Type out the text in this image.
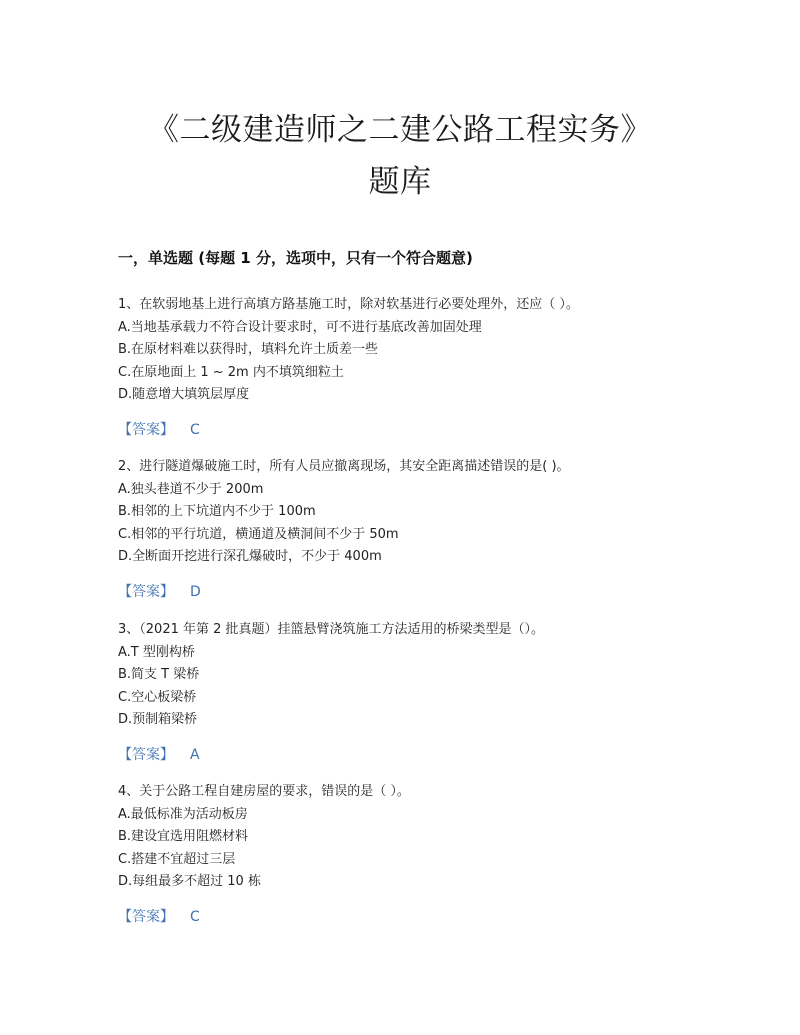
《二级建造师之二建公路工程实务》
题库
一，单选题 (每题 1 分，选项中，只有一个符合题意)
1、在软弱地基上进行高填方路基施工时，除对软基进行必要处理外，还应（ ）。
A.当地基承载力不符合设计要求时，可不进行基底改善加固处理
B.在原材料难以获得时，填料允许土质差一些
C.在原地面上 1 ~ 2m 内不填筑细粒土
D.随意增大填筑层厚度
【答案】 C
2、进行隧道爆破施工时，所有人员应撤离现场，其安全距离描述错误的是( )。
A.独头巷道不少于 200m
B.相邻的上下坑道内不少于 100m
C.相邻的平行坑道，横通道及横洞间不少于 50m
D.全断面开挖进行深孔爆破时，不少于 400m
【答案】 D
3、（2021 年第 2 批真题）挂篮悬臂浇筑施工方法适用的桥梁类型是（）。
A.T 型刚构桥
B.简支 T 梁桥
C.空心板梁桥
D.预制箱梁桥
【答案】 A
4、关于公路工程自建房屋的要求，错误的是（ ）。
A.最低标准为活动板房
B.建设宜选用阻燃材料
C.搭建不宜超过三层
D.每组最多不超过 10 栋
【答案】 C
